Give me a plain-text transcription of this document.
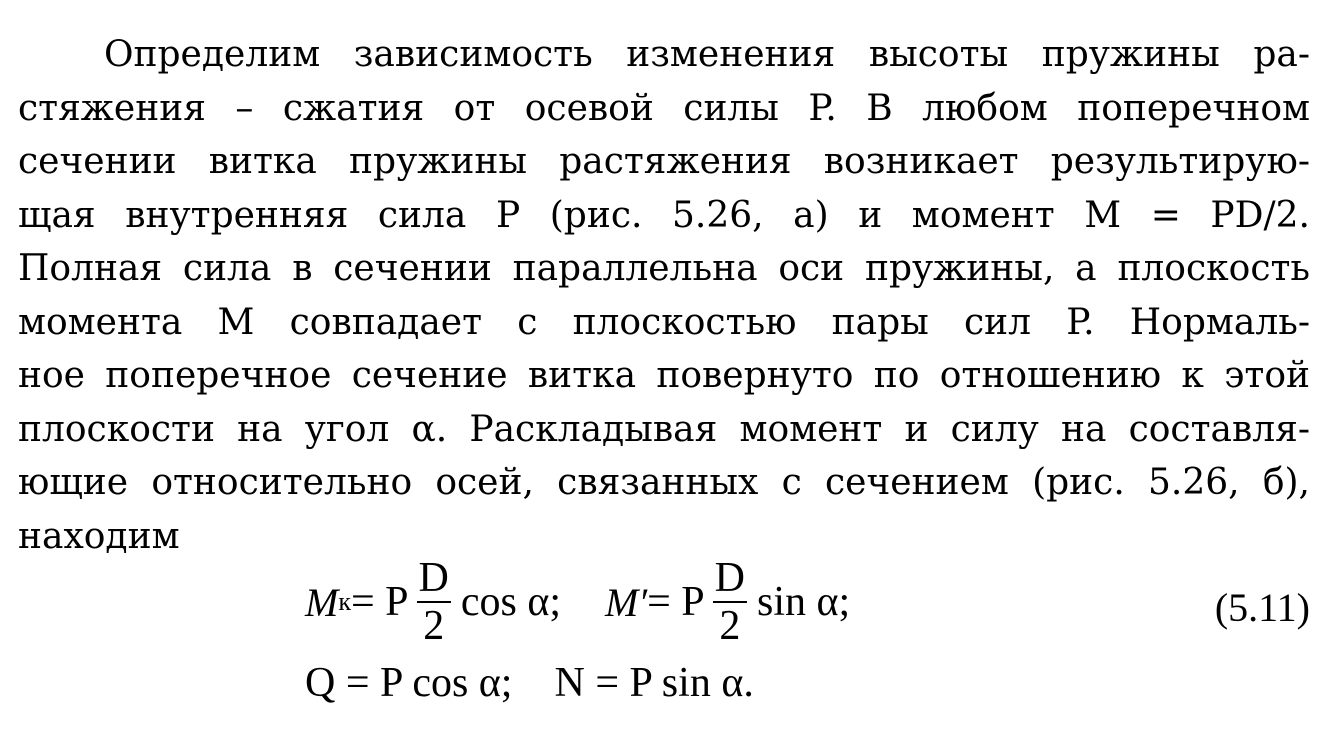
Определим зависимость изменения высоты пружины ра-
стяжения – сжатия от осевой силы P. В любом поперечном
сечении витка пружины растяжения возникает результирую-
щая внутренняя сила P (рис. 5.26, а) и момент M = PD/2.
Полная сила в сечении параллельна оси пружины, а плоскость
момента M совпадает с плоскостью пары сил P. Нормаль-
ное поперечное сечение витка повернуто по отношению к этой
плоскости на угол α. Раскладывая момент и силу на составля-
ющие относительно осей, связанных с сечением (рис. 5.26, б),
находим
M к = P $\frac{D}{2}$ cos α; M′ = P $\frac{D}{2}$ sin α;
Q = P cos α; N = P sin α.
(5.11)
